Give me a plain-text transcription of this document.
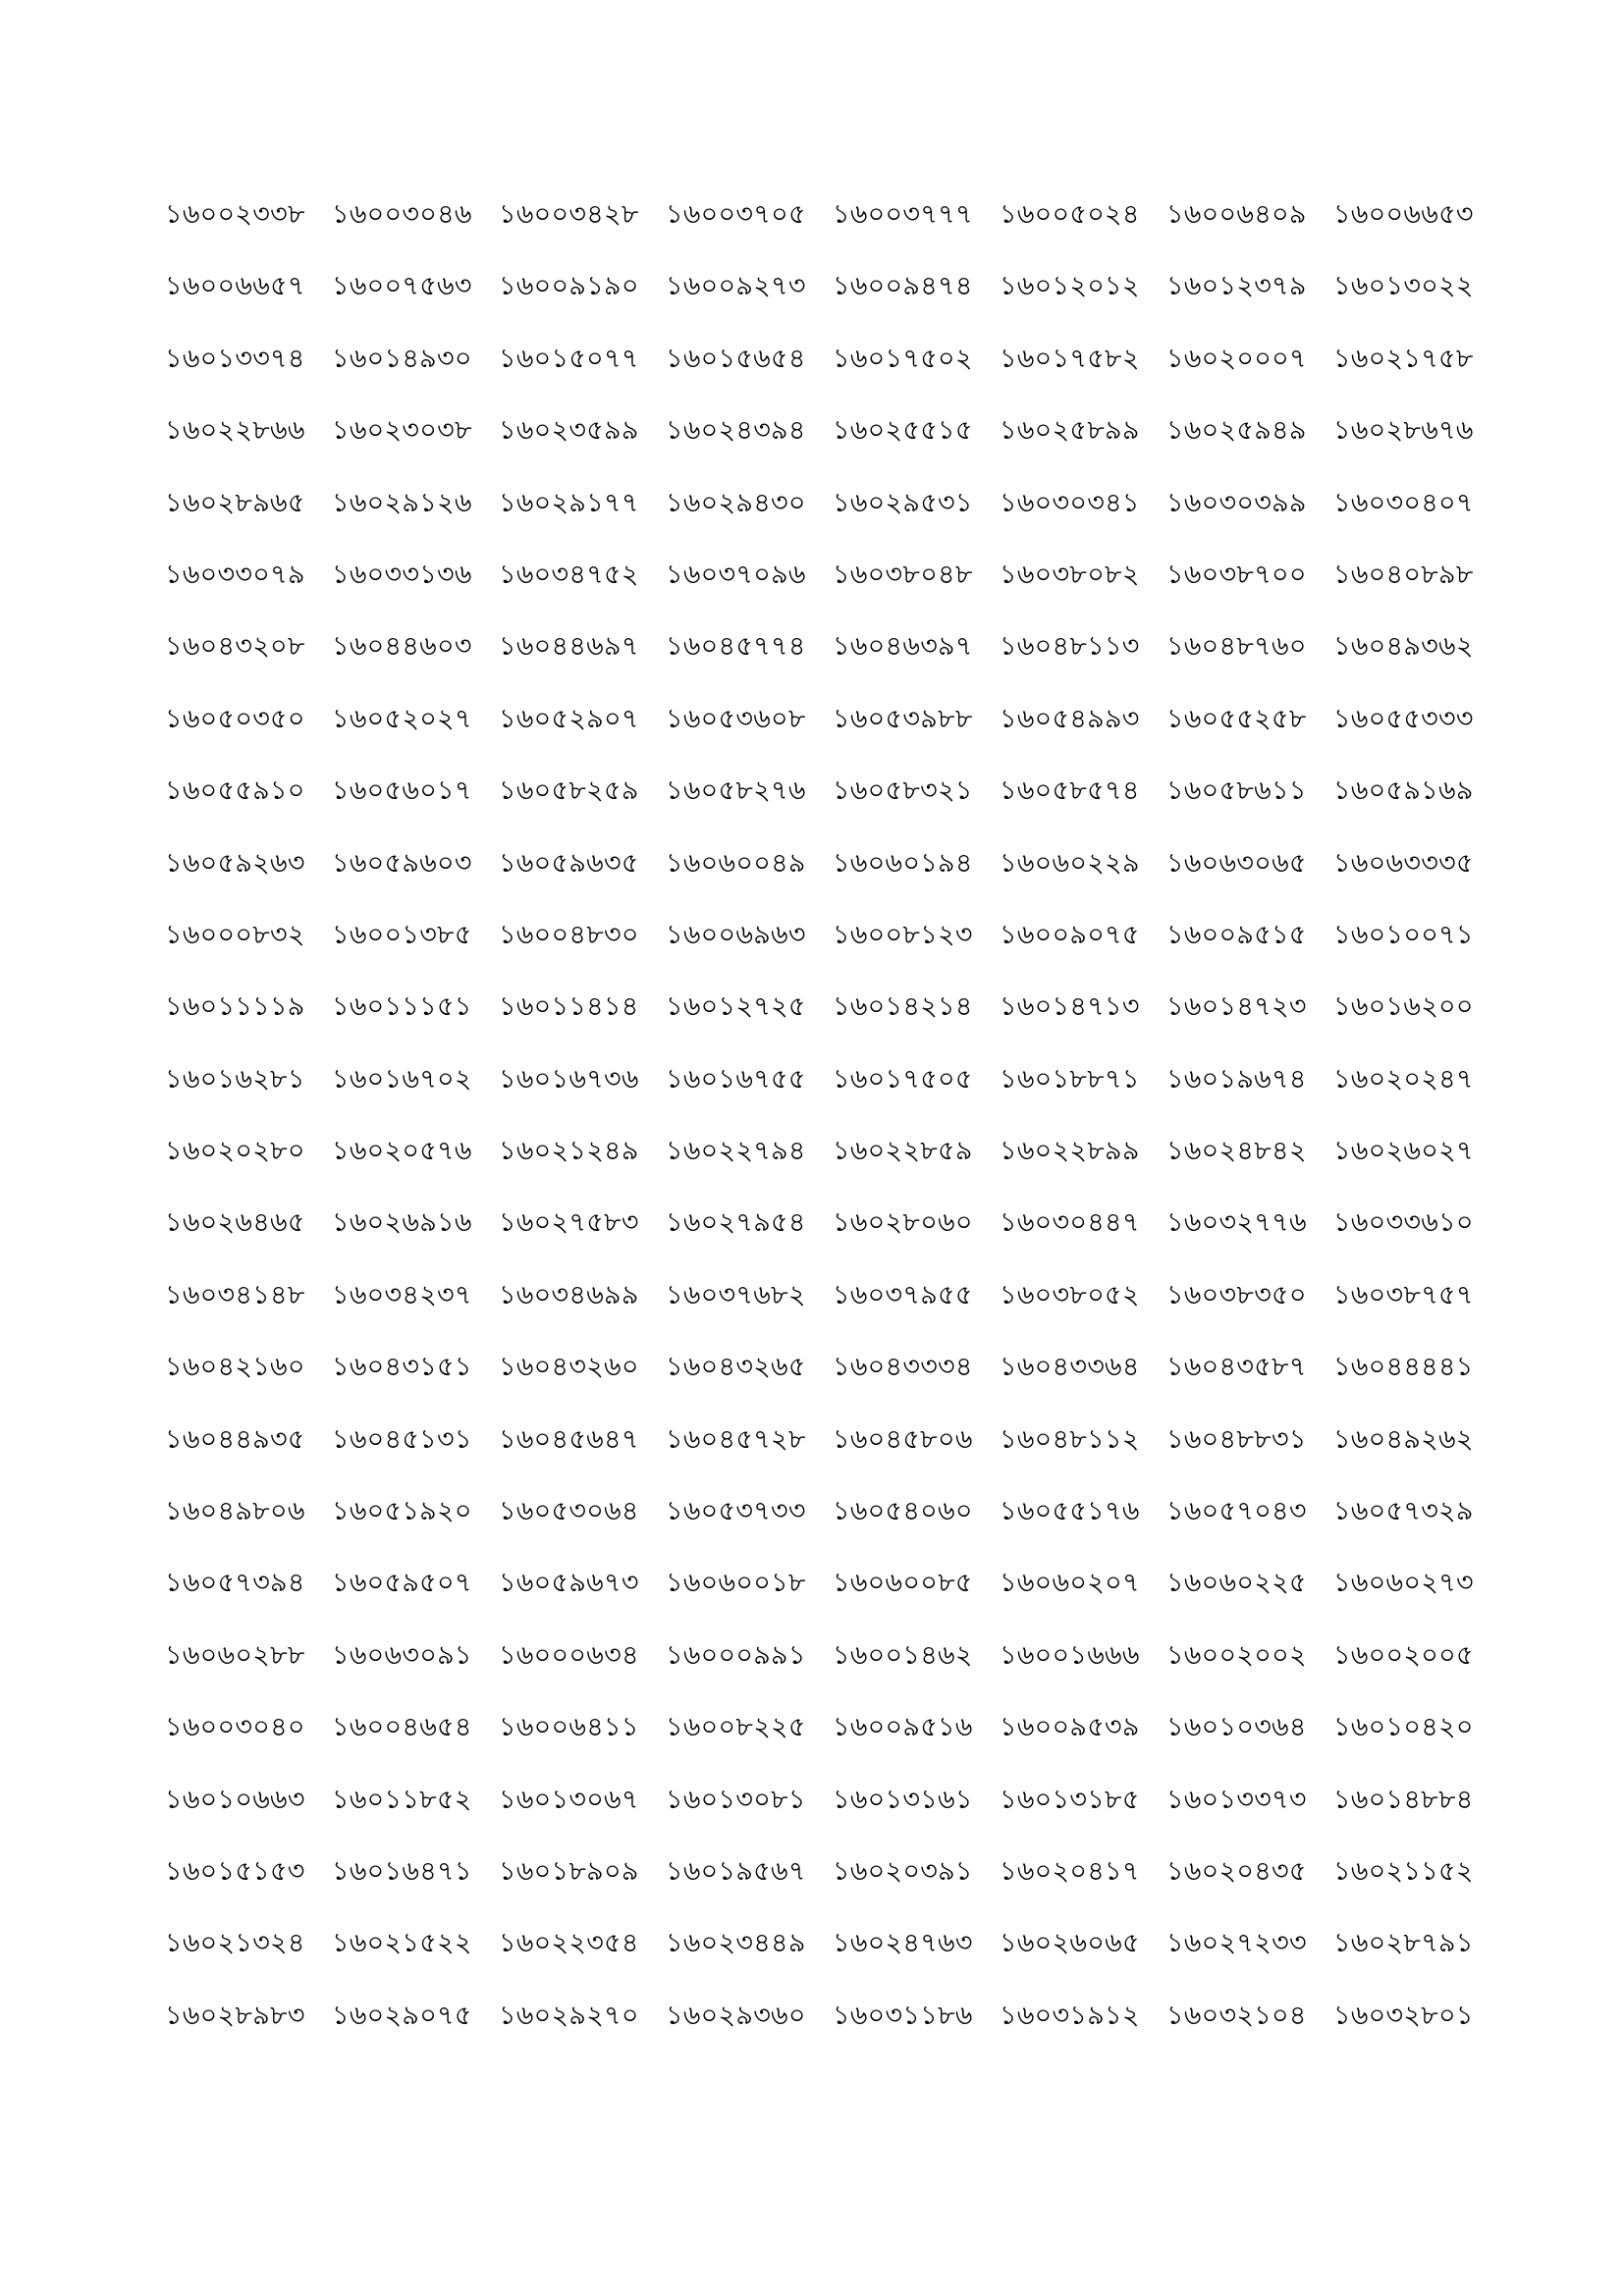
১৬০০২৩৩৮	১৬০০৩০৪৬	১৬০০৩৪২৮	১৬০০৩৭০৫	১৬০০৩৭৭৭	১৬০০৫০২৪	১৬০০৬৪০৯	১৬০০৬৬৫৩
১৬০০৬৬৫৭	১৬০০৭৫৬৩	১৬০০৯১৯০	১৬০০৯২৭৩	১৬০০৯৪৭৪	১৬০১২০১২	১৬০১২৩৭৯	১৬০১৩০২২
১৬০১৩৩৭৪	১৬০১৪৯৩০	১৬০১৫০৭৭	১৬০১৫৬৫৪	১৬০১৭৫০২	১৬০১৭৫৮২	১৬০২০০০৭	১৬০২১৭৫৮
১৬০২২৮৬৬	১৬০২৩০৩৮	১৬০২৩৫৯৯	১৬০২৪৩৯৪	১৬০২৫৫১৫	১৬০২৫৮৯৯	১৬০২৫৯৪৯	১৬০২৮৬৭৬
১৬০২৮৯৬৫	১৬০২৯১২৬	১৬০২৯১৭৭	১৬০২৯৪৩০	১৬০২৯৫৩১	১৬০৩০৩৪১	১৬০৩০৩৯৯	১৬০৩০৪০৭
১৬০৩৩০৭৯	১৬০৩৩১৩৬	১৬০৩৪৭৫২	১৬০৩৭০৯৬	১৬০৩৮০৪৮	১৬০৩৮০৮২	১৬০৩৮৭০০	১৬০৪০৮৯৮
১৬০৪৩২০৮	১৬০৪৪৬০৩	১৬০৪৪৬৯৭	১৬০৪৫৭৭৪	১৬০৪৬৩৯৭	১৬০৪৮১১৩	১৬০৪৮৭৬০	১৬০৪৯৩৬২
১৬০৫০৩৫০	১৬০৫২০২৭	১৬০৫২৯০৭	১৬০৫৩৬০৮	১৬০৫৩৯৮৮	১৬০৫৪৯৯৩	১৬০৫৫২৫৮	১৬০৫৫৩৩৩
১৬০৫৫৯১০	১৬০৫৬০১৭	১৬০৫৮২৫৯	১৬০৫৮২৭৬	১৬০৫৮৩২১	১৬০৫৮৫৭৪	১৬০৫৮৬১১	১৬০৫৯১৬৯
১৬০৫৯২৬৩	১৬০৫৯৬০৩	১৬০৫৯৬৩৫	১৬০৬০০৪৯	১৬০৬০১৯৪	১৬০৬০২২৯	১৬০৬৩০৬৫	১৬০৬৩৩৩৫
১৬০০০৮৩২	১৬০০১৩৮৫	১৬০০৪৮৩০	১৬০০৬৯৬৩	১৬০০৮১২৩	১৬০০৯০৭৫	১৬০০৯৫১৫	১৬০১০০৭১
১৬০১১১১৯	১৬০১১১৫১	১৬০১১৪১৪	১৬০১২৭২৫	১৬০১৪২১৪	১৬০১৪৭১৩	১৬০১৪৭২৩	১৬০১৬২০০
১৬০১৬২৮১	১৬০১৬৭০২	১৬০১৬৭৩৬	১৬০১৬৭৫৫	১৬০১৭৫০৫	১৬০১৮৮৭১	১৬০১৯৬৭৪	১৬০২০২৪৭
১৬০২০২৮০	১৬০২০৫৭৬	১৬০২১২৪৯	১৬০২২৭৯৪	১৬০২২৮৫৯	১৬০২২৮৯৯	১৬০২৪৮৪২	১৬০২৬০২৭
১৬০২৬৪৬৫	১৬০২৬৯১৬	১৬০২৭৫৮৩	১৬০২৭৯৫৪	১৬০২৮০৬০	১৬০৩০৪৪৭	১৬০৩২৭৭৬	১৬০৩৩৬১০
১৬০৩৪১৪৮	১৬০৩৪২৩৭	১৬০৩৪৬৯৯	১৬০৩৭৬৮২	১৬০৩৭৯৫৫	১৬০৩৮০৫২	১৬০৩৮৩৫০	১৬০৩৮৭৫৭
১৬০৪২১৬০	১৬০৪৩১৫১	১৬০৪৩২৬০	১৬০৪৩২৬৫	১৬০৪৩৩৩৪	১৬০৪৩৩৬৪	১৬০৪৩৫৮৭	১৬০৪৪৪৪১
১৬০৪৪৯৩৫	১৬০৪৫১৩১	১৬০৪৫৬৪৭	১৬০৪৫৭২৮	১৬০৪৫৮০৬	১৬০৪৮১১২	১৬০৪৮৮৩১	১৬০৪৯২৬২
১৬০৪৯৮০৬	১৬০৫১৯২০	১৬০৫৩০৬৪	১৬০৫৩৭৩৩	১৬০৫৪০৬০	১৬০৫৫১৭৬	১৬০৫৭০৪৩	১৬০৫৭৩২৯
১৬০৫৭৩৯৪	১৬০৫৯৫০৭	১৬০৫৯৬৭৩	১৬০৬০০১৮	১৬০৬০০৮৫	১৬০৬০২০৭	১৬০৬০২২৫	১৬০৬০২৭৩
১৬০৬০২৮৮	১৬০৬৩০৯১	১৬০০০৬৩৪	১৬০০০৯৯১	১৬০০১৪৬২	১৬০০১৬৬৬	১৬০০২০০২	১৬০০২০০৫
১৬০০৩০৪০	১৬০০৪৬৫৪	১৬০০৬৪১১	১৬০০৮২২৫	১৬০০৯৫১৬	১৬০০৯৫৩৯	১৬০১০৩৬৪	১৬০১০৪২০
১৬০১০৬৬৩	১৬০১১৮৫২	১৬০১৩০৬৭	১৬০১৩০৮১	১৬০১৩১৬১	১৬০১৩১৮৫	১৬০১৩৩৭৩	১৬০১৪৮৮৪
১৬০১৫১৫৩	১৬০১৬৪৭১	১৬০১৮৯০৯	১৬০১৯৫৬৭	১৬০২০৩৯১	১৬০২০৪১৭	১৬০২০৪৩৫	১৬০২১১৫২
১৬০২১৩২৪	১৬০২১৫২২	১৬০২২৩৫৪	১৬০২৩৪৪৯	১৬০২৪৭৬৩	১৬০২৬০৬৫	১৬০২৭২৩৩	১৬০২৮৭৯১
১৬০২৮৯৮৩	১৬০২৯০৭৫	১৬০২৯২৭০	১৬০২৯৩৬০	১৬০৩১১৮৬	১৬০৩১৯১২	১৬০৩২১০৪	১৬০৩২৮০১
